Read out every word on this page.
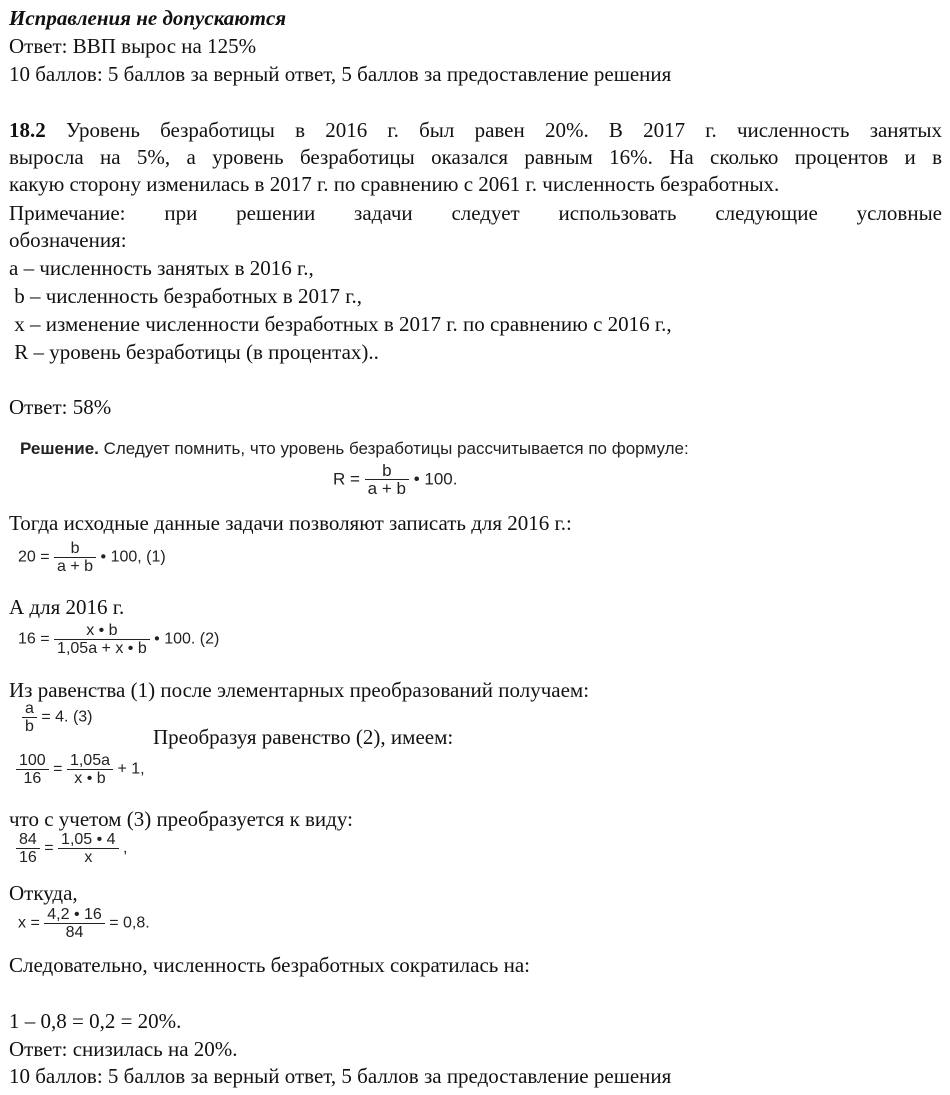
Исправления не допускаются
Ответ: ВВП вырос на 125%
10 баллов: 5 баллов за верный ответ, 5 баллов за предоставление решения
18.2 Уровень безработицы в 2016 г. был равен 20%. В 2017 г. численность занятых
выросла на 5%, а уровень безработицы оказался равным 16%. На сколько процентов и в
какую сторону изменилась в 2017 г. по сравнению с 2061 г. численность безработных.
Примечание: при решении задачи следует использовать следующие условные
обозначения:
a – численность занятых в 2016 г.,
b – численность безработных в 2017 г.,
x – изменение численности безработных в 2017 г. по сравнению с 2016 г.,
R – уровень безработицы (в процентах)..
Ответ: 58%
Решение. Следует помнить, что уровень безработицы рассчитывается по формуле:
$R = \frac{b}{a + b}$ • 100.
Тогда исходные данные задачи позволяют записать для 2016 г.:
$20 = \frac{b}{a + b}$ • 100, (1)
А для 2016 г.
$16 = \frac{x • b}{1,05a + x • b}$ • 100. (2)
Из равенства (1) после элементарных преобразований получаем:
$\frac{a}{b} = 4$. (3)
Преобразуя равенство (2), имеем:
$\frac{100}{16} = \frac{1,05a}{x • b} + 1$,
что с учетом (3) преобразуется к виду:
$\frac{84}{16} = \frac{1,05 • 4}{x}$ ,
Откуда,
$x = \frac{4,2 • 16}{84} = 0,8$.
Следовательно, численность безработных сократилась на:
1 – 0,8 = 0,2 = 20%.
Ответ: снизилась на 20%.
10 баллов: 5 баллов за верный ответ, 5 баллов за предоставление решения
